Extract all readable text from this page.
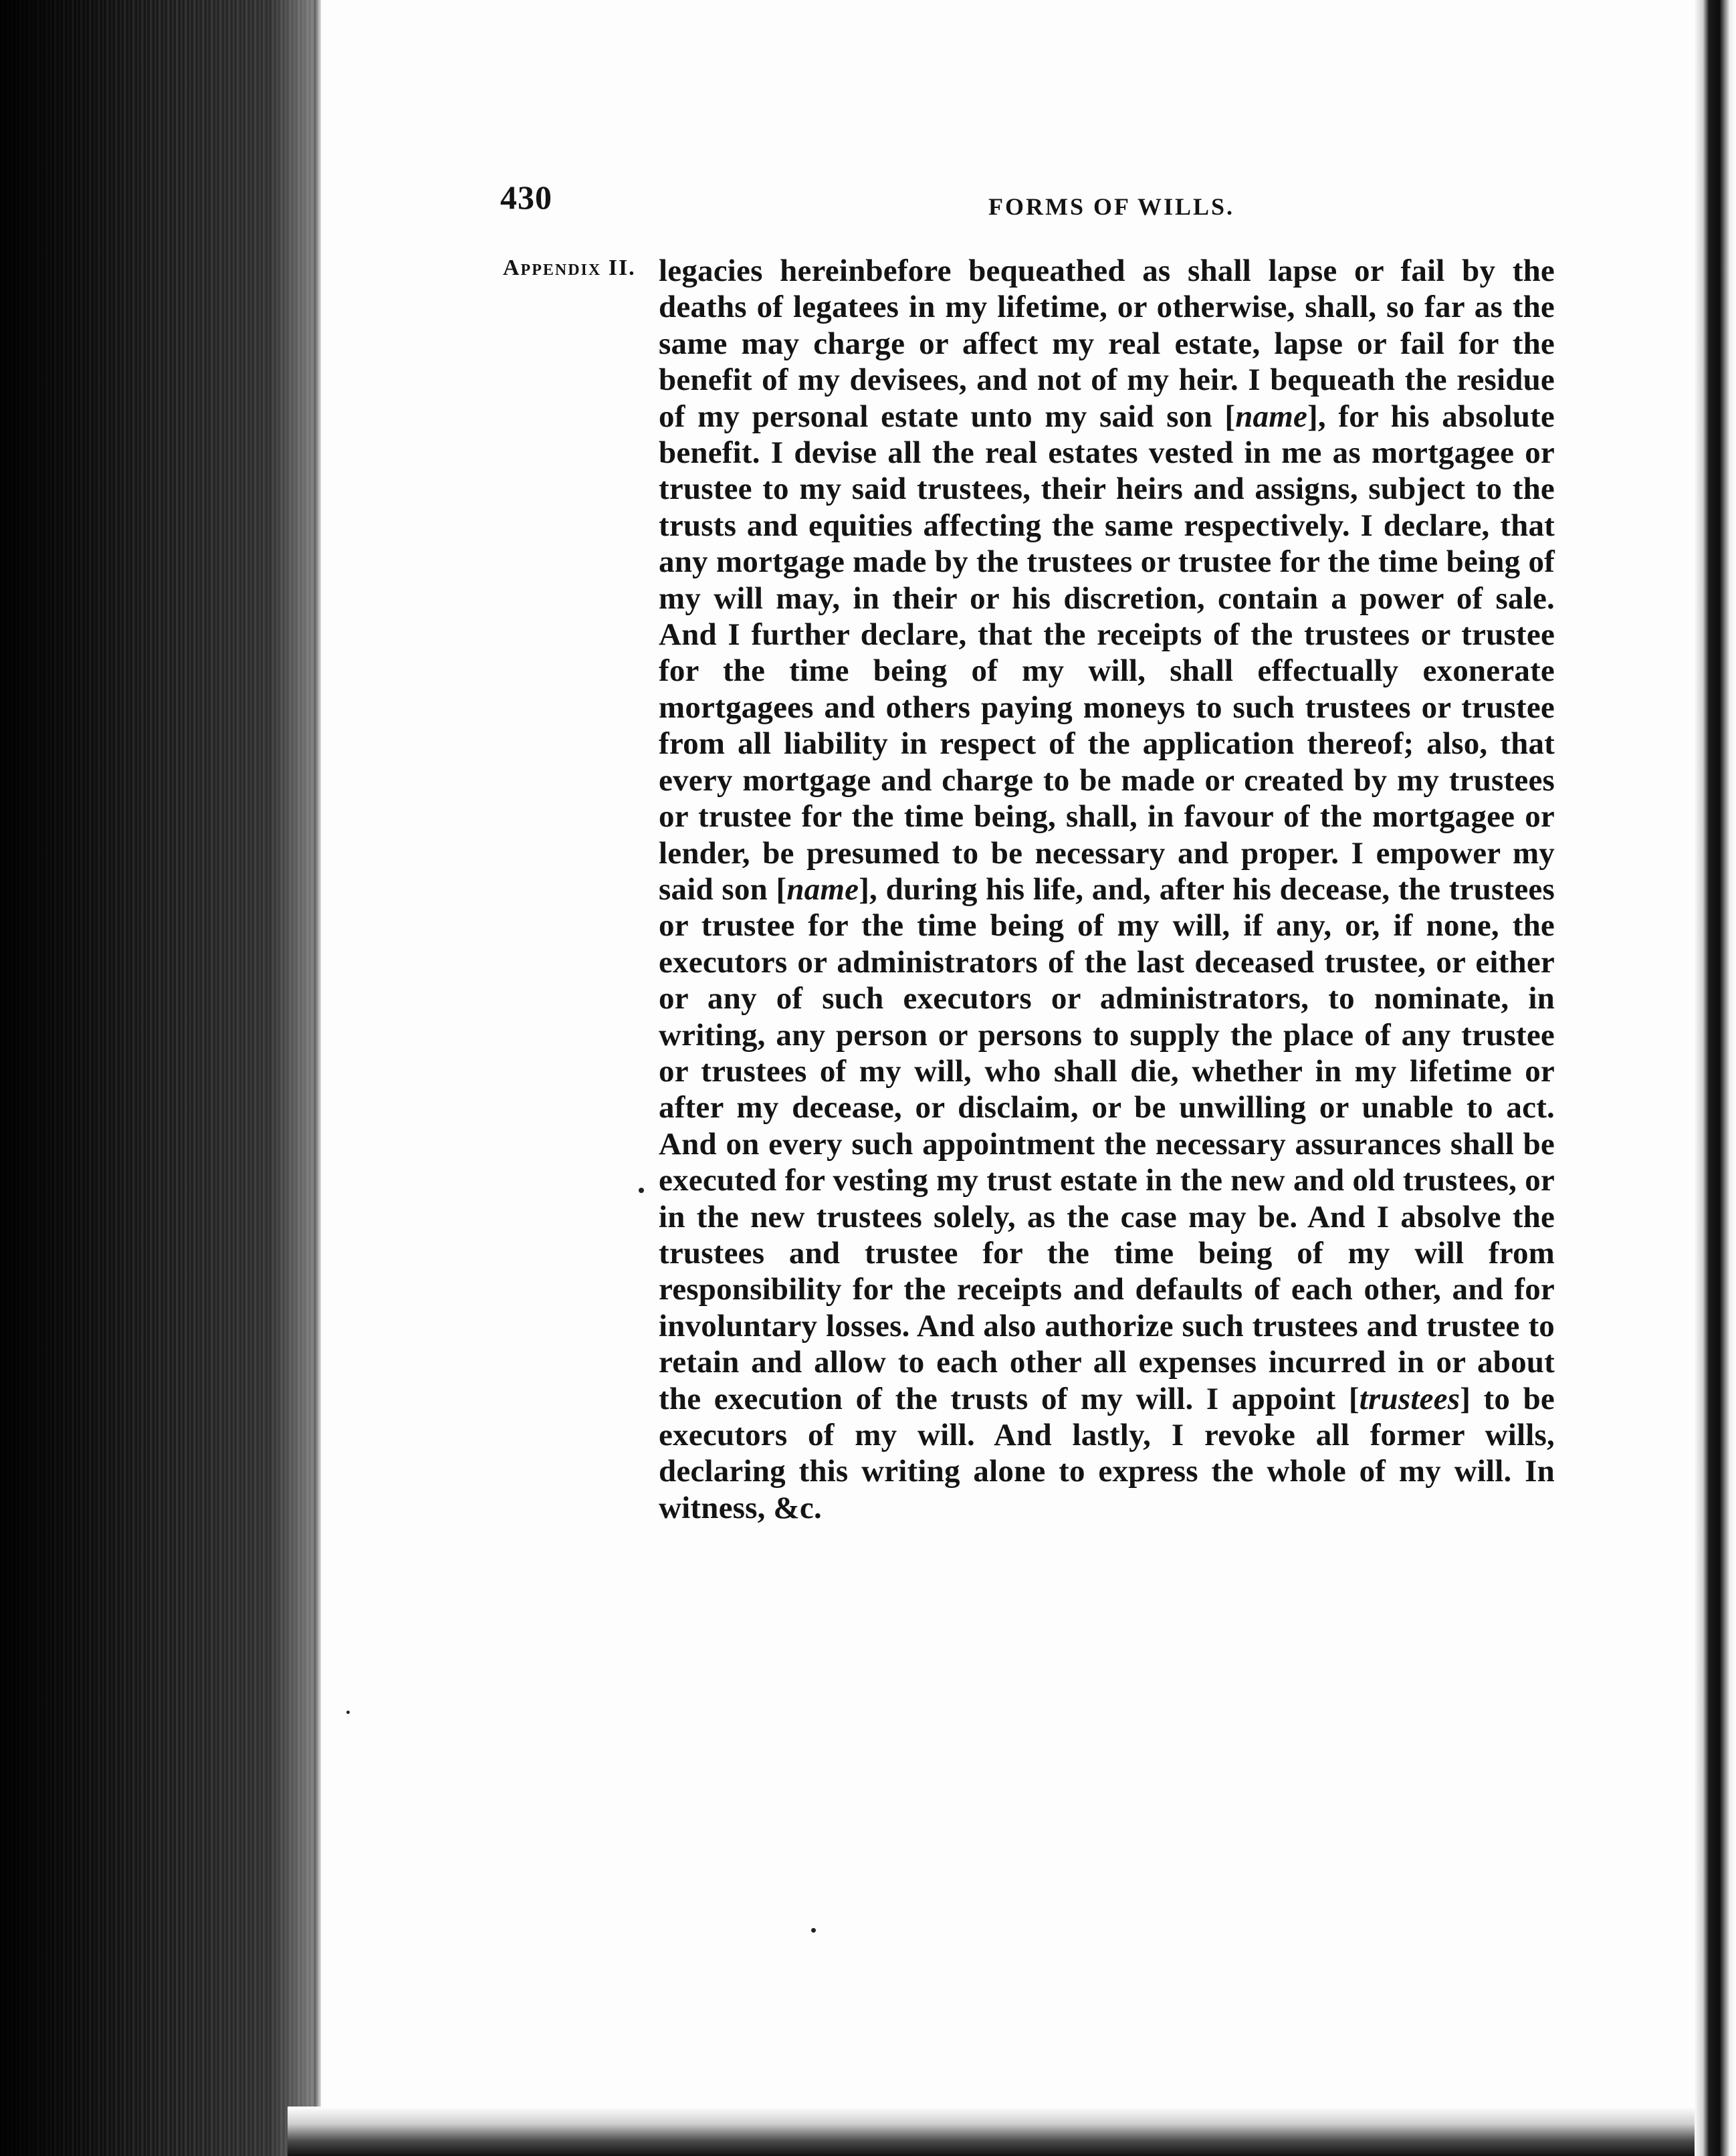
430	FORMS OF WILLS.
Appendix II. legacies hereinbefore bequeathed as shall lapse or fail by the deaths of legatees in my lifetime, or otherwise, shall, so far as the same may charge or affect my real estate, lapse or fail for the benefit of my devisees, and not of my heir. I bequeath the residue of my personal estate unto my said son [name], for his absolute benefit. I devise all the real estates vested in me as mortgagee or trustee to my said trustees, their heirs and assigns, subject to the trusts and equities affecting the same respectively. I declare, that any mortgage made by the trustees or trustee for the time being of my will may, in their or his discretion, contain a power of sale. And I further declare, that the receipts of the trustees or trustee for the time being of my will, shall effectually exonerate mortgagees and others paying moneys to such trustees or trustee from all liability in respect of the application thereof; also, that every mortgage and charge to be made or created by my trustees or trustee for the time being, shall, in favour of the mortgagee or lender, be presumed to be necessary and proper. I empower my said son [name], during his life, and, after his decease, the trustees or trustee for the time being of my will, if any, or, if none, the executors or administrators of the last deceased trustee, or either or any of such executors or administrators, to nominate, in writing, any person or persons to supply the place of any trustee or trustees of my will, who shall die, whether in my lifetime or after my decease, or disclaim, or be unwilling or unable to act. And on every such appointment the necessary assurances shall be executed for vesting my trust estate in the new and old trustees, or in the new trustees solely, as the case may be. And I absolve the trustees and trustee for the time being of my will from responsibility for the receipts and defaults of each other, and for involuntary losses. And also authorize such trustees and trustee to retain and allow to each other all expenses incurred in or about the execution of the trusts of my will. I appoint [trustees] to be executors of my will. And lastly, I revoke all former wills, declaring this writing alone to express the whole of my will. In witness, &c.
